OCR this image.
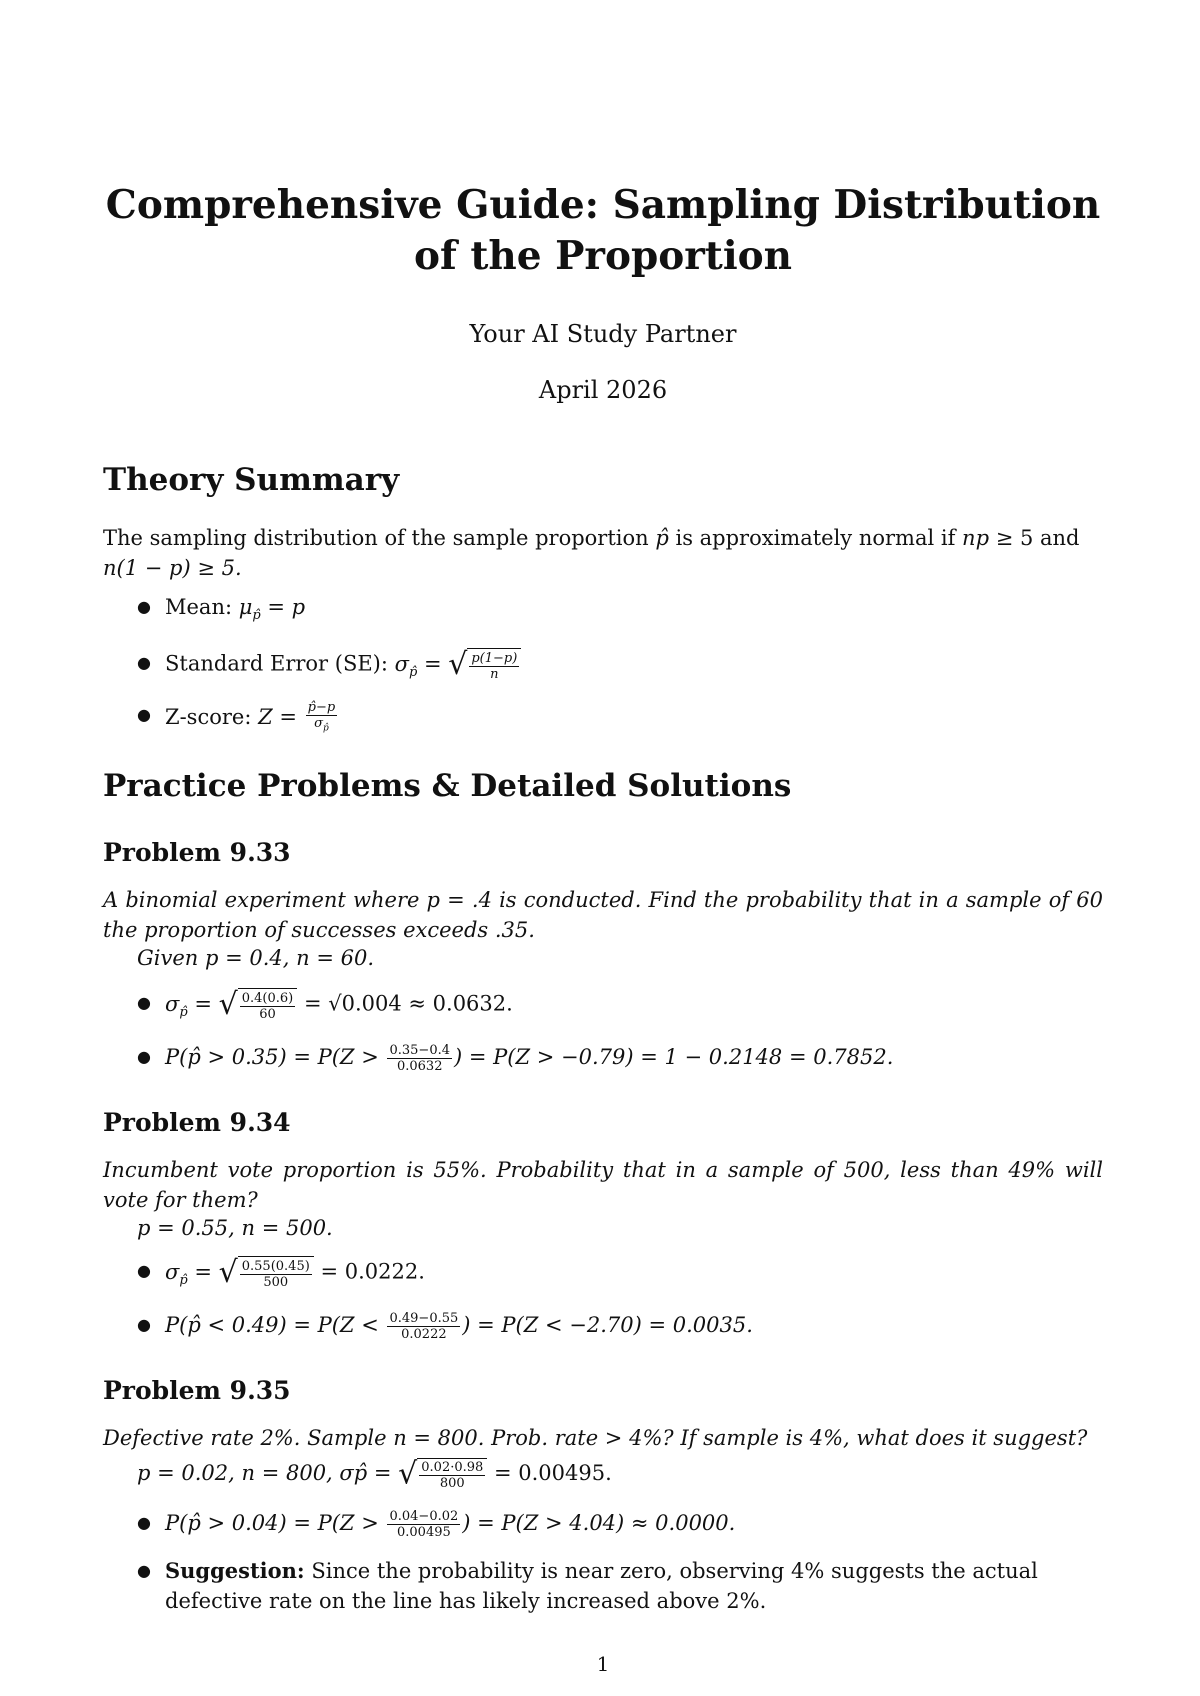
Comprehensive Guide: Sampling Distribution of the Proportion
Your AI Study Partner
April 2026
Theory Summary

The sampling distribution of the sample proportion p̂ is approximately normal if np ≥ 5 and
n(1 − p) ≥ 5.

● Mean: $\mu_{p̂} = p$
● Standard Error (SE): $\sigma_{p̂}$ = √ $\frac{p(1-p)}{n}$
● Z-score: $Z = \frac{p̂-p}{\sigma_{p̂}}$
Practice Problems & Detailed Solutions
Problem 9.33

A binomial experiment where p = .4 is conducted. Find the probability that in a sample of 60 the proportion of successes exceeds .35.

Given p = 0.4, n = 60.
● $\sigma_{p̂}$ = √ $\frac{0.4(0.6)}{60} = √0.004 \approx 0.0632$.
● P(p̂ > $0.35) = P(Z > \frac{0.35-0.4}{0.0632}$ ) = P(Z > −0.79) = 1 − 0.2148 = 0.7852.
Problem 9.34

Incumbent vote proportion is 55%. Probability that in a sample of 500, less than 49% will vote for them?

p = 0.55, n = 500.
● $\sigma_{p̂}$ = √ $\frac{0.55(0.45)}{500} = 0.0222$.
● P(p̂ < $0.49) = P(Z < \frac{0.49-0.55}{0.0222}$ ) = P(Z < −2.70) = 0.0035.
Problem 9.35

Defective rate 2%. Sample n = 800. Prob. rate > 4%? If sample is 4%, what does it suggest?

p = 0.02, n = 800, σp̂ = √ $\frac{0.02\cdot 0.98}{800} = 0.00495$.
● P(p̂ > $0.04) = P(Z > \frac{0.04-0.02}{0.00495}$ ) = P(Z > 4.04) ≈ 0.0000.
● Suggestion: Since the probability is near zero, observing 4% suggests the actual defective rate on the line has likely increased above 2%.
1
